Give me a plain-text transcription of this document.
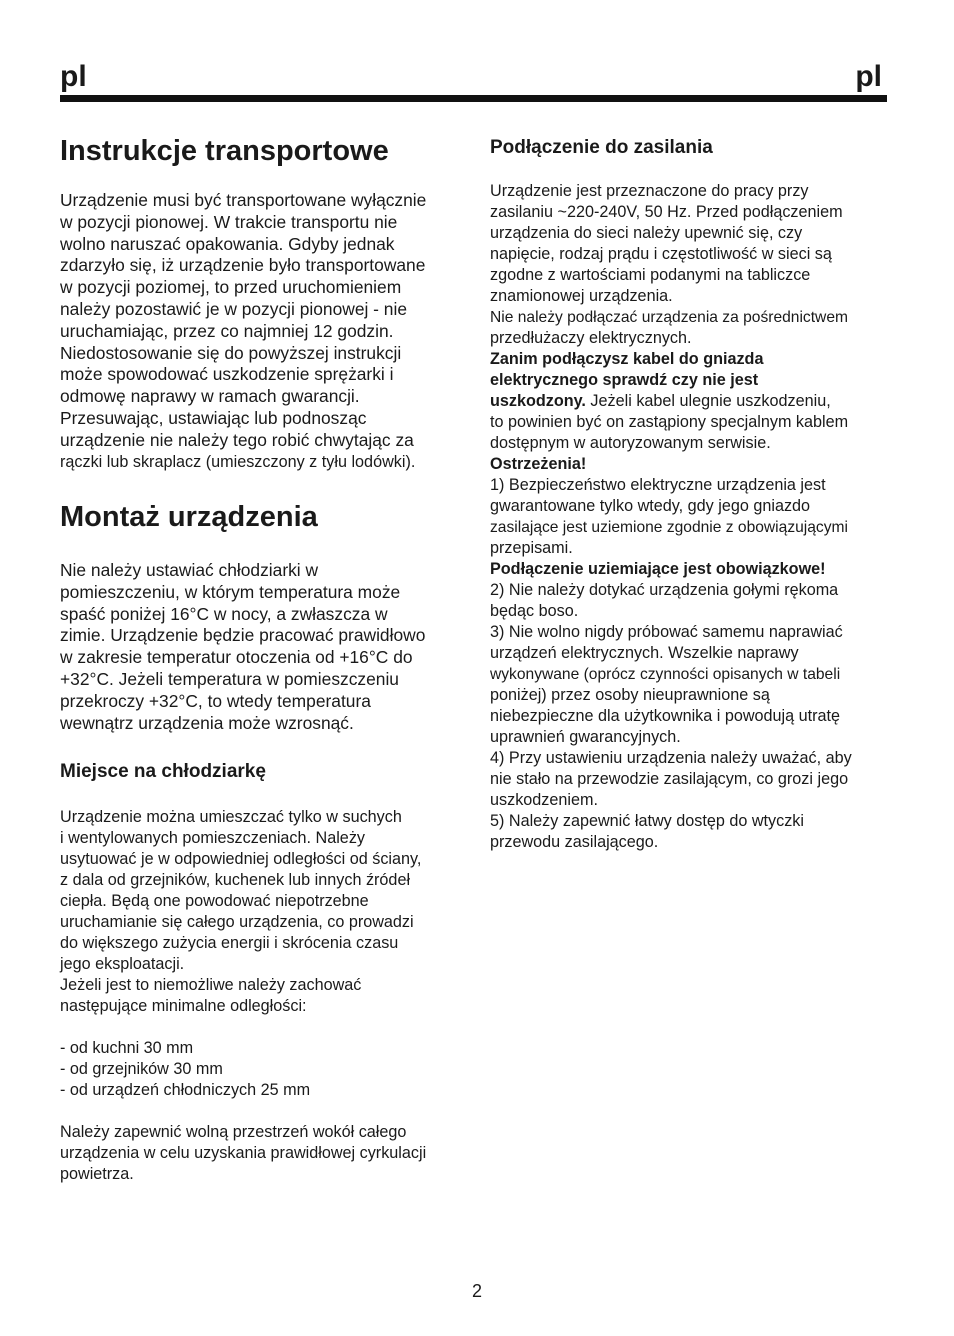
pl	pl
Instrukcje transportowe
Urządzenie musi być transportowane wyłącznie
w pozycji pionowej. W trakcie transportu nie
wolno naruszać opakowania. Gdyby jednak
zdarzyło się, iż urządzenie było transportowane
w pozycji poziomej, to przed uruchomieniem
należy pozostawić je w pozycji pionowej - nie
uruchamiając, przez co najmniej 12 godzin.
Niedostosowanie się do powyższej instrukcji
może spowodować uszkodzenie sprężarki i
odmowę naprawy w ramach gwarancji.
Przesuwając, ustawiając lub podnosząc
urządzenie nie należy tego robić chwytając za
rączki lub skraplacz (umieszczony z tyłu lodówki).
Montaż urządzenia
Nie należy ustawiać chłodziarki w
pomieszczeniu, w którym temperatura może
spaść poniżej 16°C w nocy, a zwłaszcza w
zimie. Urządzenie będzie pracować prawidłowo
w zakresie temperatur otoczenia od +16°C do
+32°C. Jeżeli temperatura w pomieszczeniu
przekroczy +32°C, to wtedy temperatura
wewnątrz urządzenia może wzrosnąć.
Miejsce na chłodziarkę
Urządzenie można umieszczać tylko w suchych
i wentylowanych pomieszczeniach. Należy
usytuować je w odpowiedniej odległości od ściany,
z dala od grzejników, kuchenek lub innych źródeł
ciepła. Będą one powodować niepotrzebne
uruchamianie się całego urządzenia, co prowadzi
do większego zużycia energii i skrócenia czasu
jego eksploatacji.
Jeżeli jest to niemożliwe należy zachować
następujące minimalne odległości:
- od kuchni 30 mm
- od grzejników 30 mm
- od urządzeń chłodniczych 25 mm
Należy zapewnić wolną przestrzeń wokół całego
urządzenia w celu uzyskania prawidłowej cyrkulacji
powietrza.
Podłączenie do zasilania
Urządzenie jest przeznaczone do pracy przy
zasilaniu ~220-240V, 50 Hz. Przed podłączeniem
urządzenia do sieci należy upewnić się, czy
napięcie, rodzaj prądu i częstotliwość w sieci są
zgodne z wartościami podanymi na tabliczce
znamionowej urządzenia.
Nie należy podłączać urządzenia za pośrednictwem
przedłużaczy elektrycznych.
Zanim podłączysz kabel do gniazda
elektrycznego sprawdź czy nie jest
uszkodzony. Jeżeli kabel ulegnie uszkodzeniu,
to powinien być on zastąpiony specjalnym kablem
dostępnym w autoryzowanym serwisie.
Ostrzeżenia!
1) Bezpieczeństwo elektryczne urządzenia jest
gwarantowane tylko wtedy, gdy jego gniazdo
zasilające jest uziemione zgodnie z obowiązującymi
przepisami.
Podłączenie uziemiające jest obowiązkowe!
2) Nie należy dotykać urządzenia gołymi rękoma
będąc boso.
3) Nie wolno nigdy próbować samemu naprawiać
urządzeń elektrycznych. Wszelkie naprawy
wykonywane (oprócz czynności opisanych w tabeli
poniżej) przez osoby nieuprawnione są
niebezpieczne dla użytkownika i powodują utratę
uprawnień gwarancyjnych.
4) Przy ustawieniu urządzenia należy uważać, aby
nie stało na przewodzie zasilającym, co grozi jego
uszkodzeniem.
5) Należy zapewnić łatwy dostęp do wtyczki
przewodu zasilającego.
2
